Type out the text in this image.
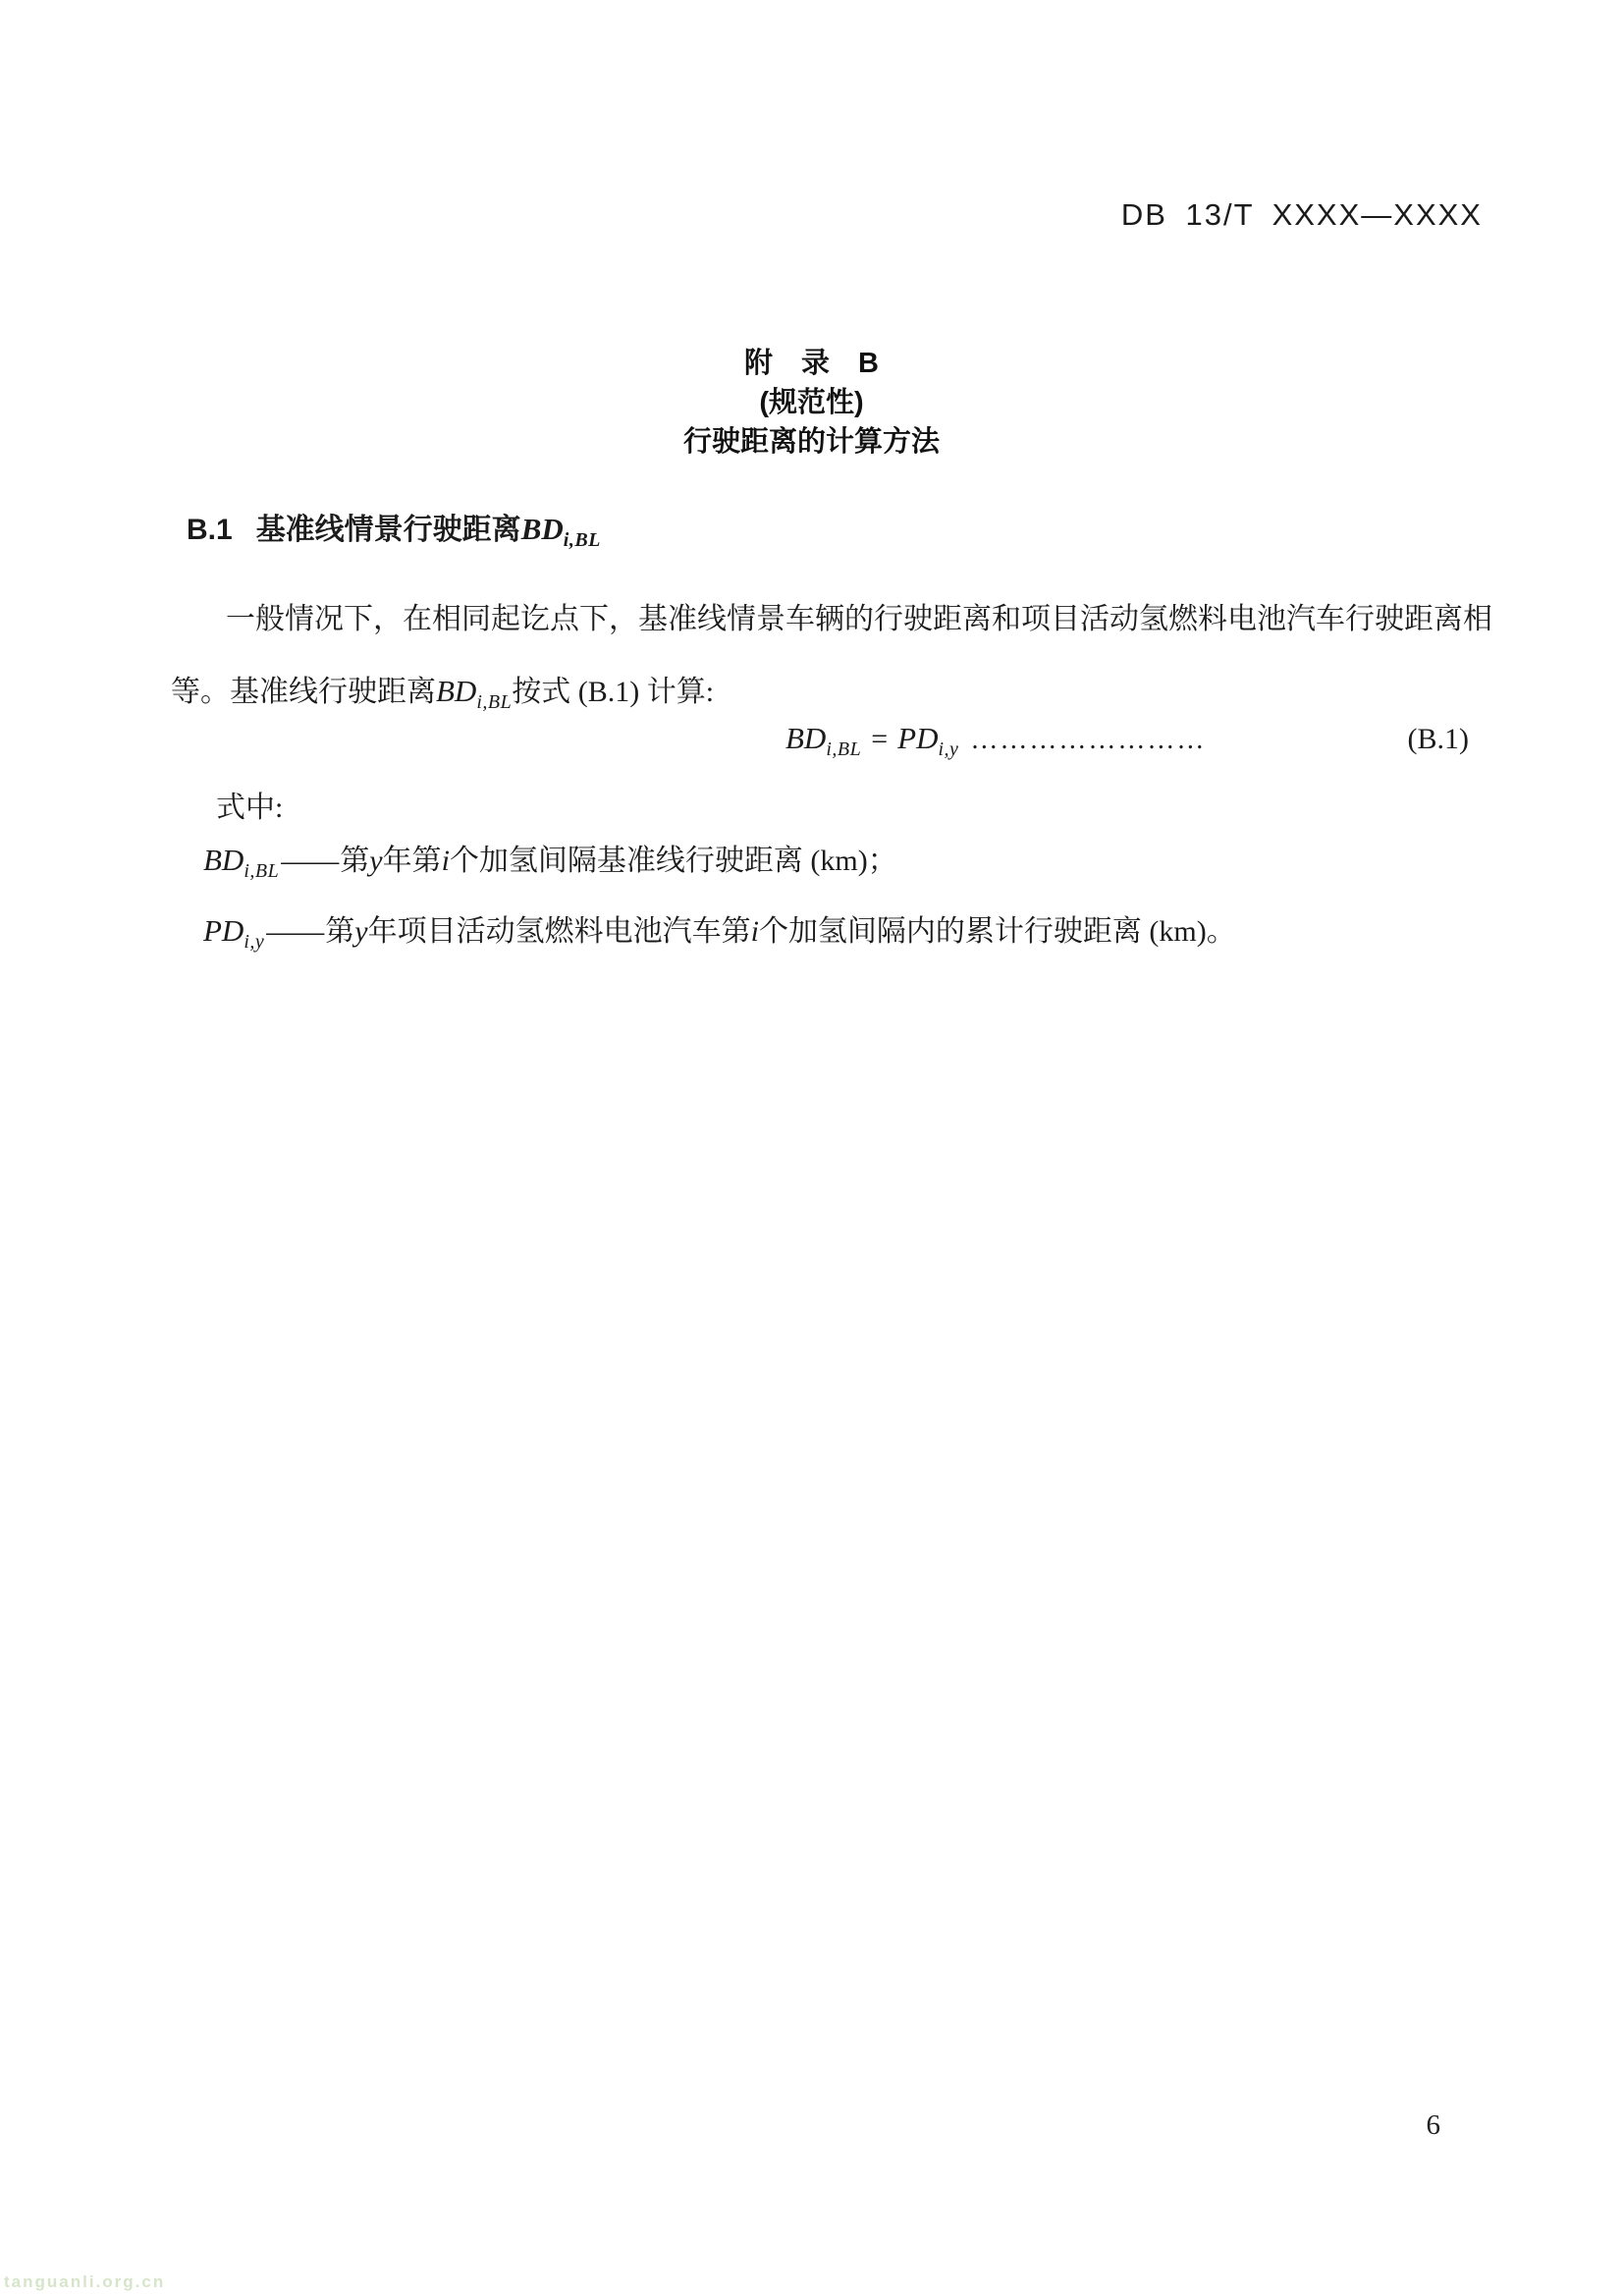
DB 13/T XXXX—XXXX
附　录　B
(规范性)
行驶距离的计算方法
B.1 基准线情景行驶距离$BD_{i,BL}$
一般情况下，在相同起讫点下，基准线情景车辆的行驶距离和项目活动氢燃料电池汽车行驶距离相
等。基准线行驶距离$BD_{i,BL}$按式 (B.1) 计算:
$BD_{i,BL} = PD_{i,y}$ ……………………	(B.1)
式中:
$BD_{i,BL}——$第y年第i个加氢间隔基准线行驶距离 (km)；
$PD_{i,y}——$第y年项目活动氢燃料电池汽车第i个加氢间隔内的累计行驶距离 (km)。
6
tanguanli.org.cn
